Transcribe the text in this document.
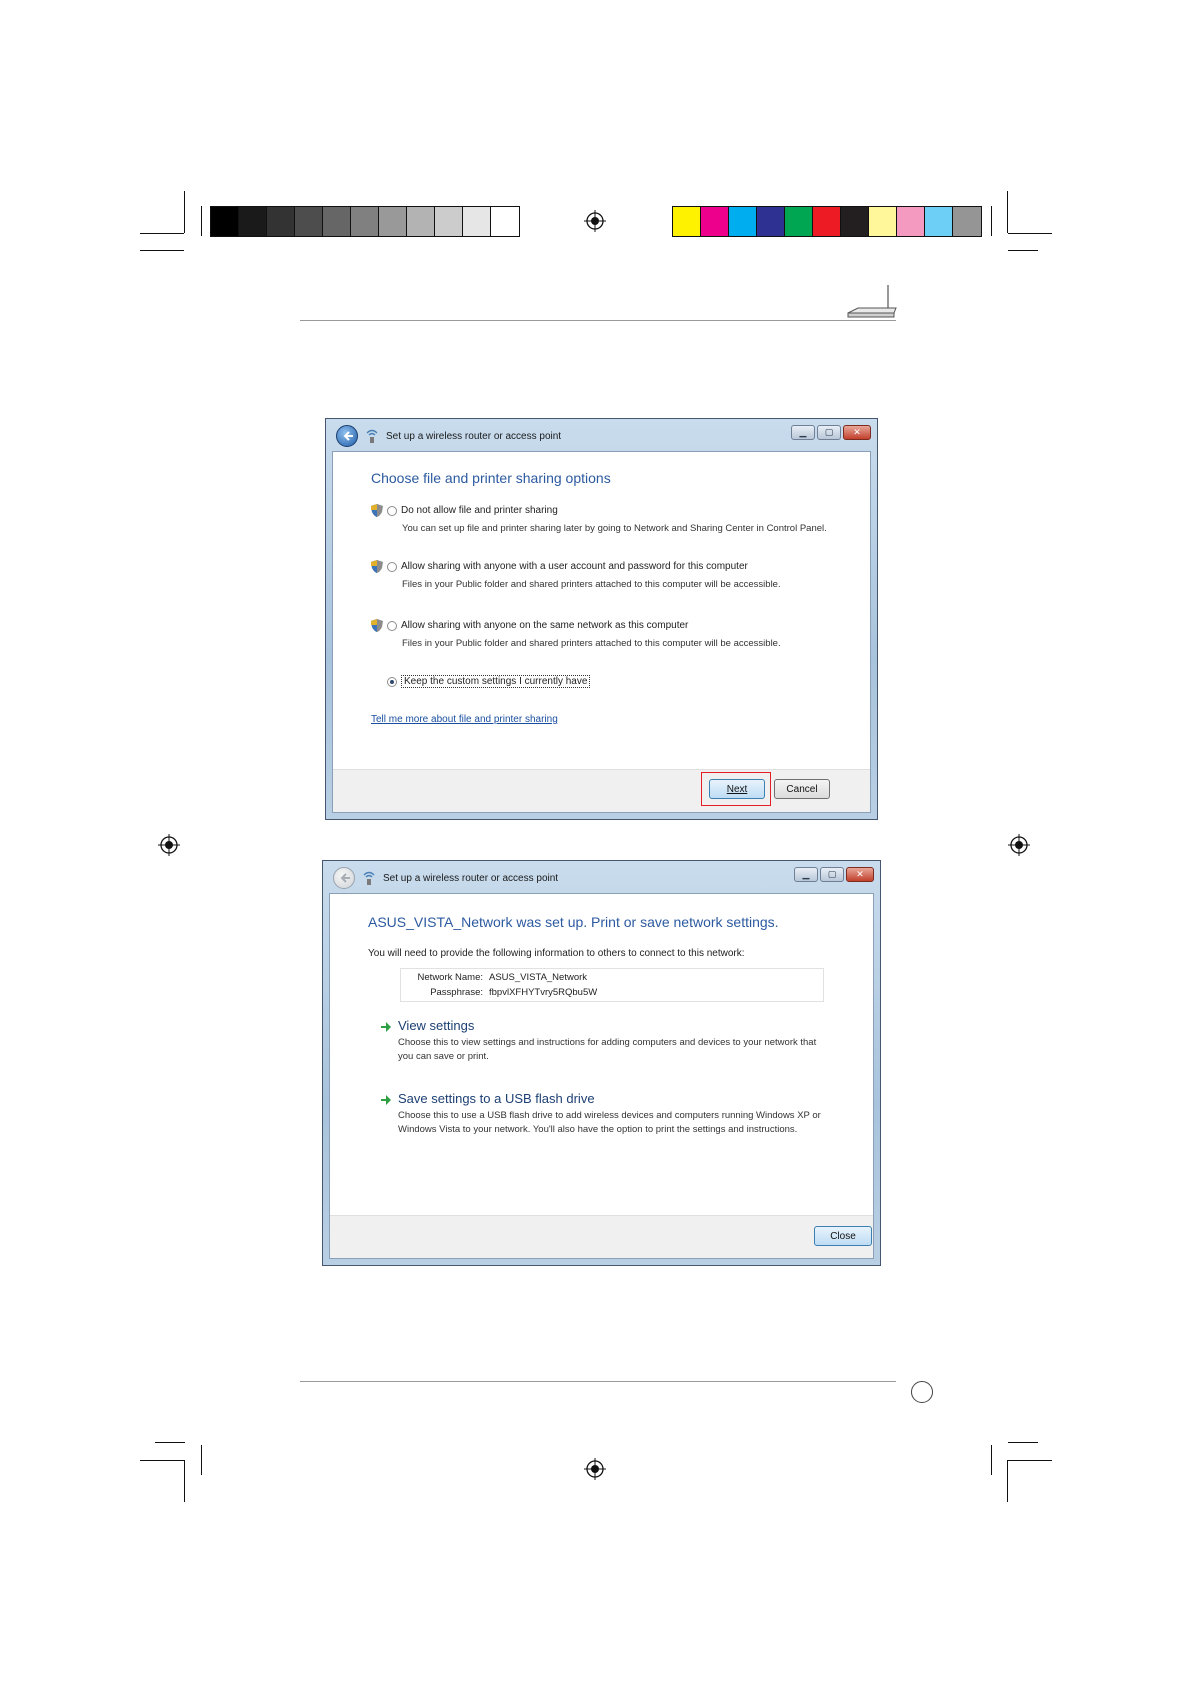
▁	▢	✕
Set up a wireless router or access point
Choose file and printer sharing options
Do not allow file and printer sharing
You can set up file and printer sharing later by going to Network and Sharing Center in Control Panel.
Allow sharing with anyone with a user account and password for this computer
Files in your Public folder and shared printers attached to this computer will be accessible.
Allow sharing with anyone on the same network as this computer
Files in your Public folder and shared printers attached to this computer will be accessible.
Keep the custom settings I currently have
Tell me more about file and printer sharing
Next	Cancel
▁	▢	✕
Set up a wireless router or access point
ASUS_VISTA_Network was set up. Print or save network settings.
You will need to provide the following information to others to connect to this network:
Network Name: ASUS_VISTA_Network
Passphrase: fbpvlXFHYTvry5RQbu5W
View settings
Choose this to view settings and instructions for adding computers and devices to your network that you can save or print.
Save settings to a USB flash drive
Choose this to use a USB flash drive to add wireless devices and computers running Windows XP or Windows Vista to your network. You'll also have the option to print the settings and instructions.
Close
